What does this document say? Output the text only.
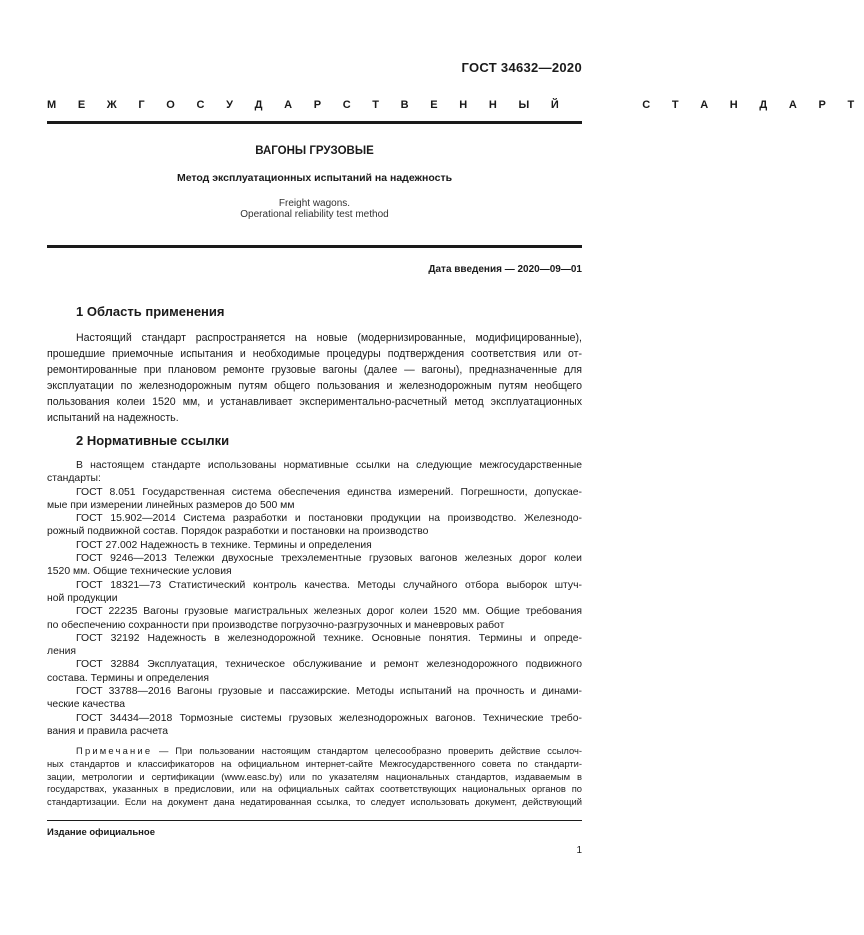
ГОСТ 34632—2020
М Е Ж Г О С У Д А Р С Т В Е Н Н Ы Й      С Т А Н Д А Р Т
ВАГОНЫ ГРУЗОВЫЕ
Метод эксплуатационных испытаний на надежность
Freight wagons.
Operational reliability test method
Дата введения — 2020—09—01
1 Область применения
Настоящий стандарт распространяется на новые (модернизированные, модифицированные),
прошедшие приемочные испытания и необходимые процедуры подтверждения соответствия или от-
ремонтированные при плановом ремонте грузовые вагоны (далее — вагоны), предназначенные для
эксплуатации по железнодорожным путям общего пользования и железнодорожным путям необщего
пользования колеи 1520 мм, и устанавливает экспериментально-расчетный метод эксплуатационных
испытаний на надежность.
2 Нормативные ссылки
В настоящем стандарте использованы нормативные ссылки на следующие межгосударственные
стандарты:
ГОСТ 8.051 Государственная система обеспечения единства измерений. Погрешности, допускае-
мые при измерении линейных размеров до 500 мм
ГОСТ 15.902—2014 Система разработки и постановки продукции на производство. Железнодо-
рожный подвижной состав. Порядок разработки и постановки на производство
ГОСТ 27.002 Надежность в технике. Термины и определения
ГОСТ 9246—2013 Тележки двухосные трехэлементные грузовых вагонов железных дорог колеи
1520 мм. Общие технические условия
ГОСТ 18321—73 Статистический контроль качества. Методы случайного отбора выборок штуч-
ной продукции
ГОСТ 22235 Вагоны грузовые магистральных железных дорог колеи 1520 мм. Общие требования
по обеспечению сохранности при производстве погрузочно-разгрузочных и маневровых работ
ГОСТ 32192 Надежность в железнодорожной технике. Основные понятия. Термины и опреде-
ления
ГОСТ 32884 Эксплуатация, техническое обслуживание и ремонт железнодорожного подвижного
состава. Термины и определения
ГОСТ 33788—2016 Вагоны грузовые и пассажирские. Методы испытаний на прочность и динами-
ческие качества
ГОСТ 34434—2018 Тормозные системы грузовых железнодорожных вагонов. Технические требо-
вания и правила расчета
Примечание — При пользовании настоящим стандартом целесообразно проверить действие ссылоч-
ных стандартов и классификаторов на официальном интернет-сайте Межгосударственного совета по стандарти-
зации, метрологии и сертификации (www.easc.by) или по указателям национальных стандартов, издаваемым в
государствах, указанных в предисловии, или на официальных сайтах соответствующих национальных органов по
стандартизации. Если на документ дана недатированная ссылка, то следует использовать документ, действующий
Издание официальное
1
